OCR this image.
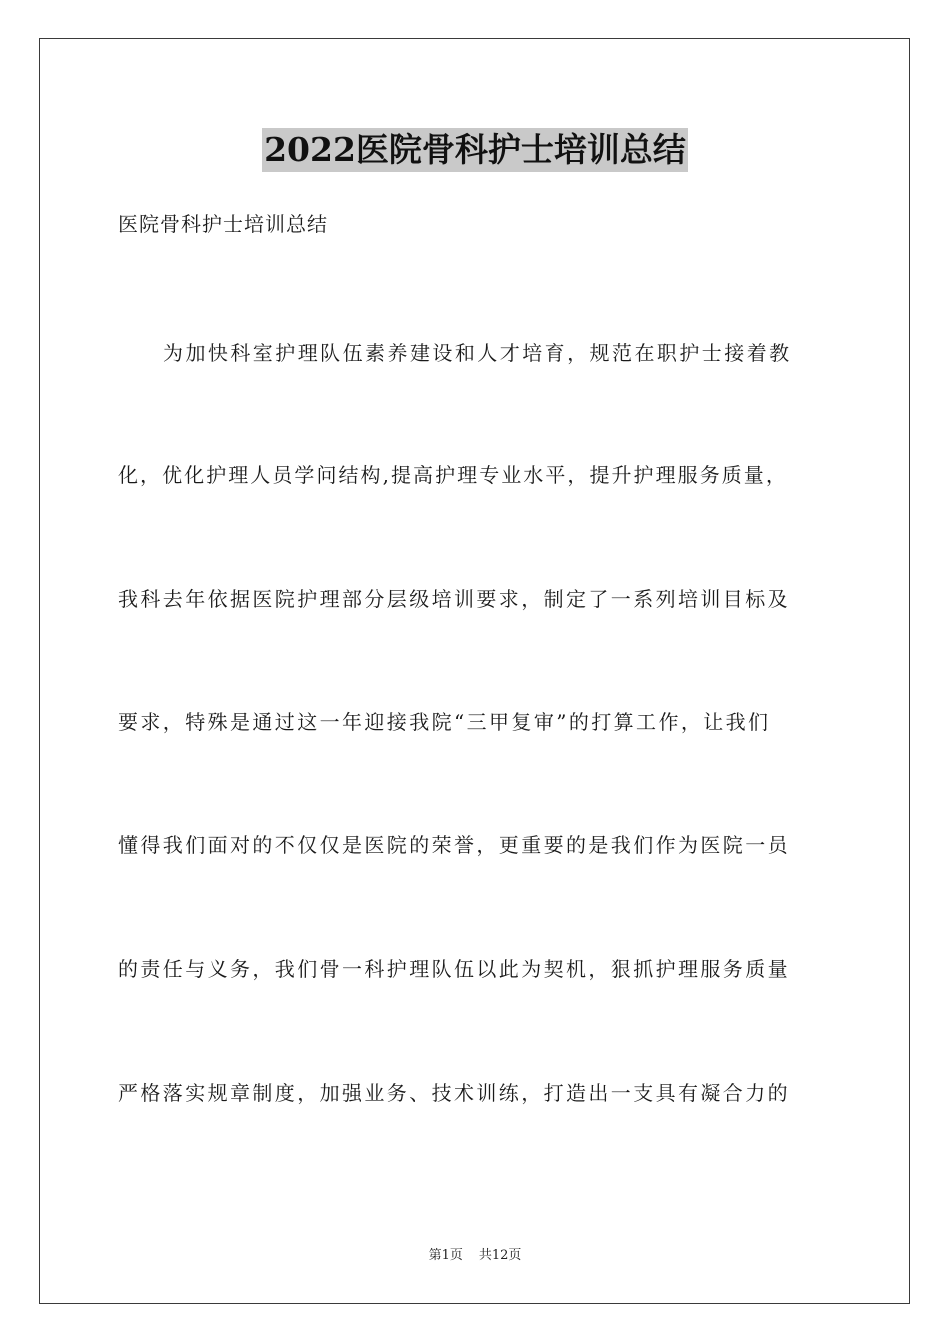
2022医院骨科护士培训总结
医院骨科护士培训总结
为加快科室护理队伍素养建设和人才培育，规范在职护士接着教
化，优化护理人员学问结构,提高护理专业水平，提升护理服务质量，
我科去年依据医院护理部分层级培训要求，制定了一系列培训目标及
要求，特殊是通过这一年迎接我院“三甲复审”的打算工作，让我们
懂得我们面对的不仅仅是医院的荣誉，更重要的是我们作为医院一员
的责任与义务，我们骨一科护理队伍以此为契机，狠抓护理服务质量
严格落实规章制度，加强业务、技术训练，打造出一支具有凝合力的
第1页 共12页
